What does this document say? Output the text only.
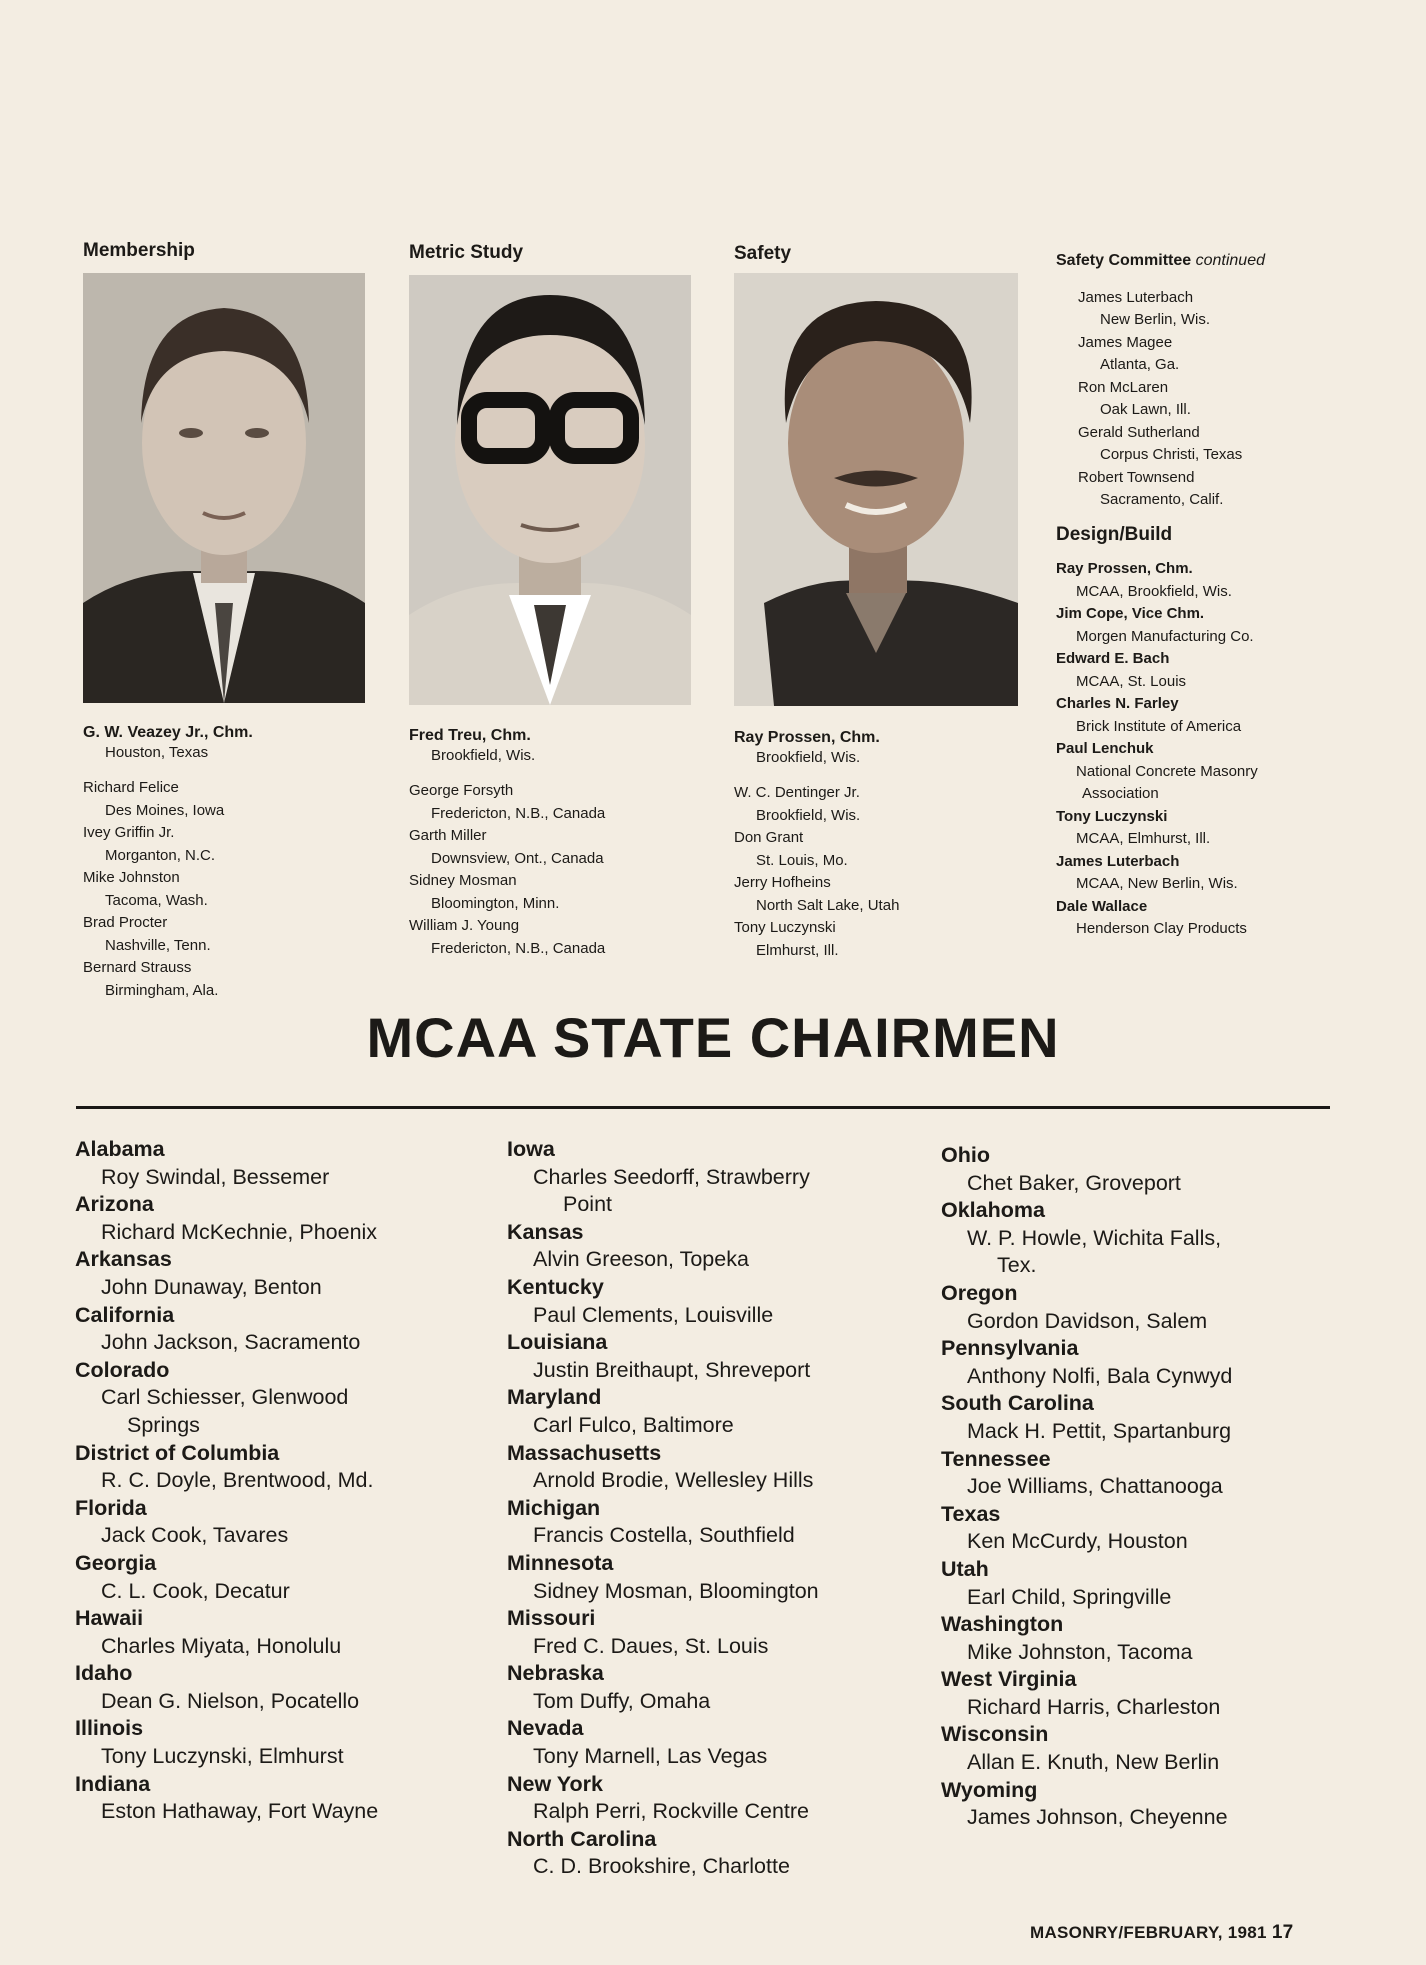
Membership	Metric Study	Safety
G. W. Veazey Jr., Chm.
Houston, Texas
Richard Felice
Des Moines, Iowa
Ivey Griffin Jr.
Morganton, N.C.
Mike Johnston
Tacoma, Wash.
Brad Procter
Nashville, Tenn.
Bernard Strauss
Birmingham, Ala.
Fred Treu, Chm.
Brookfield, Wis.
George Forsyth
Fredericton, N.B., Canada
Garth Miller
Downsview, Ont., Canada
Sidney Mosman
Bloomington, Minn.
William J. Young
Fredericton, N.B., Canada
Ray Prossen, Chm.
Brookfield, Wis.
W. C. Dentinger Jr.
Brookfield, Wis.
Don Grant
St. Louis, Mo.
Jerry Hofheins
North Salt Lake, Utah
Tony Luczynski
Elmhurst, Ill.
Safety Committee continued
James Luterbach
New Berlin, Wis.
James Magee
Atlanta, Ga.
Ron McLaren
Oak Lawn, Ill.
Gerald Sutherland
Corpus Christi, Texas
Robert Townsend
Sacramento, Calif.
Design/Build
Ray Prossen, Chm.
MCAA, Brookfield, Wis.
Jim Cope, Vice Chm.
Morgen Manufacturing Co.
Edward E. Bach
MCAA, St. Louis
Charles N. Farley
Brick Institute of America
Paul Lenchuk
National Concrete Masonry
Association
Tony Luczynski
MCAA, Elmhurst, Ill.
James Luterbach
MCAA, New Berlin, Wis.
Dale Wallace
Henderson Clay Products
MCAA STATE CHAIRMEN
Alabama
Roy Swindal, Bessemer
Arizona
Richard McKechnie, Phoenix
Arkansas
John Dunaway, Benton
California
John Jackson, Sacramento
Colorado
Carl Schiesser, Glenwood
Springs
District of Columbia
R. C. Doyle, Brentwood, Md.
Florida
Jack Cook, Tavares
Georgia
C. L. Cook, Decatur
Hawaii
Charles Miyata, Honolulu
Idaho
Dean G. Nielson, Pocatello
Illinois
Tony Luczynski, Elmhurst
Indiana
Eston Hathaway, Fort Wayne
Iowa
Charles Seedorff, Strawberry
Point
Kansas
Alvin Greeson, Topeka
Kentucky
Paul Clements, Louisville
Louisiana
Justin Breithaupt, Shreveport
Maryland
Carl Fulco, Baltimore
Massachusetts
Arnold Brodie, Wellesley Hills
Michigan
Francis Costella, Southfield
Minnesota
Sidney Mosman, Bloomington
Missouri
Fred C. Daues, St. Louis
Nebraska
Tom Duffy, Omaha
Nevada
Tony Marnell, Las Vegas
New York
Ralph Perri, Rockville Centre
North Carolina
C. D. Brookshire, Charlotte
Ohio
Chet Baker, Groveport
Oklahoma
W. P. Howle, Wichita Falls,
Tex.
Oregon
Gordon Davidson, Salem
Pennsylvania
Anthony Nolfi, Bala Cynwyd
South Carolina
Mack H. Pettit, Spartanburg
Tennessee
Joe Williams, Chattanooga
Texas
Ken McCurdy, Houston
Utah
Earl Child, Springville
Washington
Mike Johnston, Tacoma
West Virginia
Richard Harris, Charleston
Wisconsin
Allan E. Knuth, New Berlin
Wyoming
James Johnson, Cheyenne
MASONRY/FEBRUARY, 1981 17
